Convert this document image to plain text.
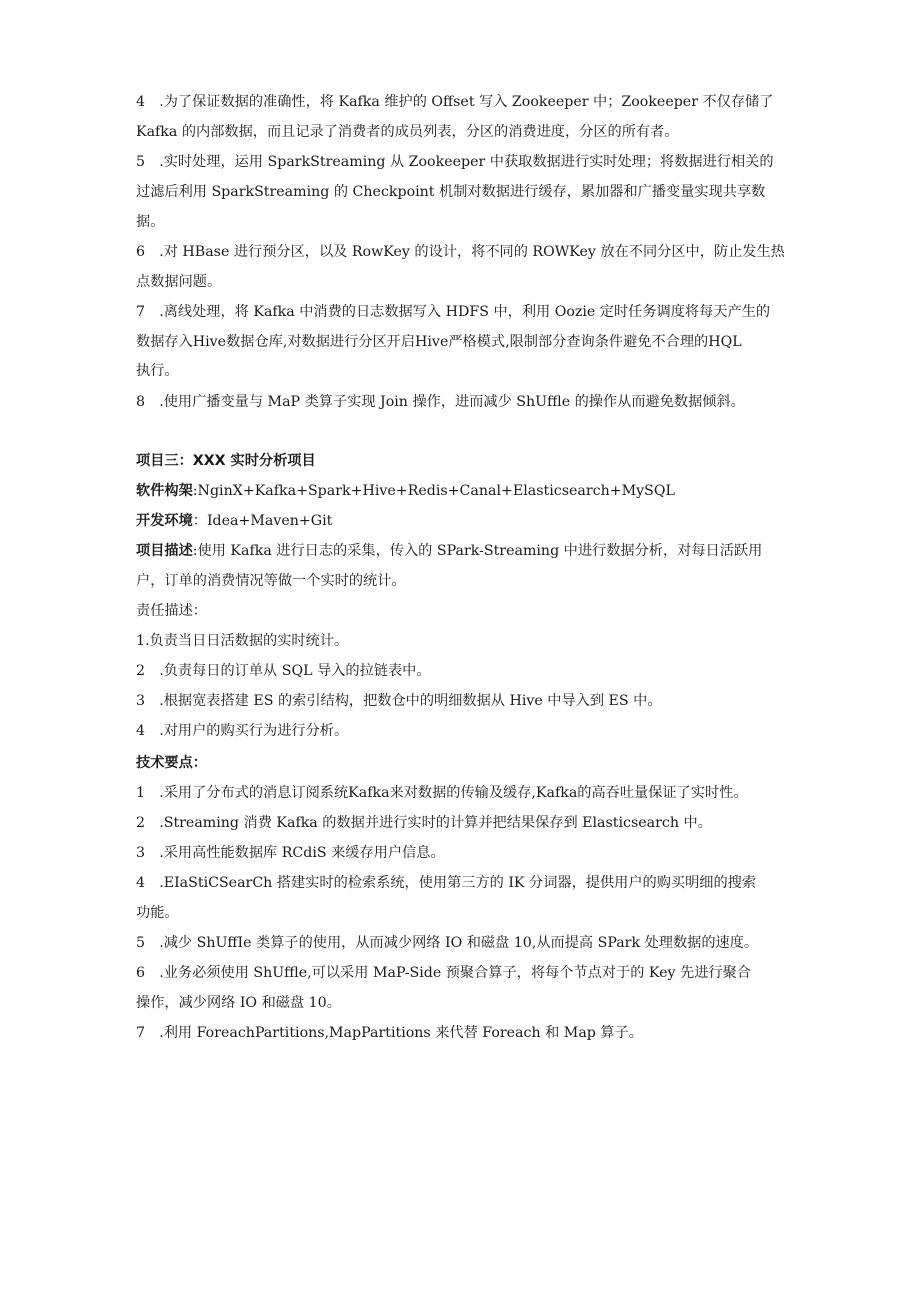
4　.为了保证数据的准确性，将 Kafka 维护的 Offset 写入 Zookeeper 中；Zookeeper 不仅存储了
Kafka 的内部数据，而且记录了消费者的成员列表，分区的消费进度，分区的所有者。
5　.实时处理，运用 SparkStreaming 从 Zookeeper 中获取数据进行实时处理；将数据进行相关的
过滤后利用 SparkStreaming 的 Checkpoint 机制对数据进行缓存，累加器和广播变量实现共享数
据。
6　.对 HBase 进行预分区，以及 RowKey 的设计，将不同的 ROWKey 放在不同分区中，防止发生热
点数据问题。
7　.离线处理，将 Kafka 中消费的日志数据写入 HDFS 中，利用 Oozie 定时任务调度将每天产生的
数据存入Hive数据仓库,对数据进行分区开启Hive严格模式,限制部分查询条件避免不合理的HQL
执行。
8　.使用广播变量与 MaP 类算子实现 Join 操作，进而减少 ShUffle 的操作从而避免数据倾斜。
项目三：XXX 实时分析项目
软件构架:NginX+Kafka+Spark+Hive+Redis+Canal+Elasticsearch+MySQL
开发环境：Idea+Maven+Git
项目描述:使用 Kafka 进行日志的采集，传入的 SPark-Streaming 中进行数据分析，对每日活跃用
户，订单的消费情况等做一个实时的统计。
责任描述：
1.负责当日日活数据的实时统计。
2　.负责每日的订单从 SQL 导入的拉链表中。
3　.根据宽表搭建 ES 的索引结构，把数仓中的明细数据从 Hive 中导入到 ES 中。
4　.对用户的购买行为进行分析。
技术要点：
1　.采用了分布式的消息订阅系统Kafka来对数据的传输及缓存,Kafka的高吞吐量保证了实时性。
2　.Streaming 消费 Kafka 的数据并进行实时的计算并把结果保存到 Elasticsearch 中。
3　.采用高性能数据库 RCdiS 来缓存用户信息。
4　.EIaStiCSearCh 搭建实时的检索系统，使用第三方的 IK 分词器，提供用户的购买明细的搜索
功能。
5　.减少 ShUffIe 类算子的使用，从而减少网络 IO 和磁盘 10,从而提高 SPark 处理数据的速度。
6　.业务必须使用 ShUffle,可以采用 MaP-Side 预聚合算子，将每个节点对于的 Key 先进行聚合
操作，减少网络 IO 和磁盘 10。
7　.利用 ForeachPartitions,MapPartitions 来代替 Foreach 和 Map 算子。
